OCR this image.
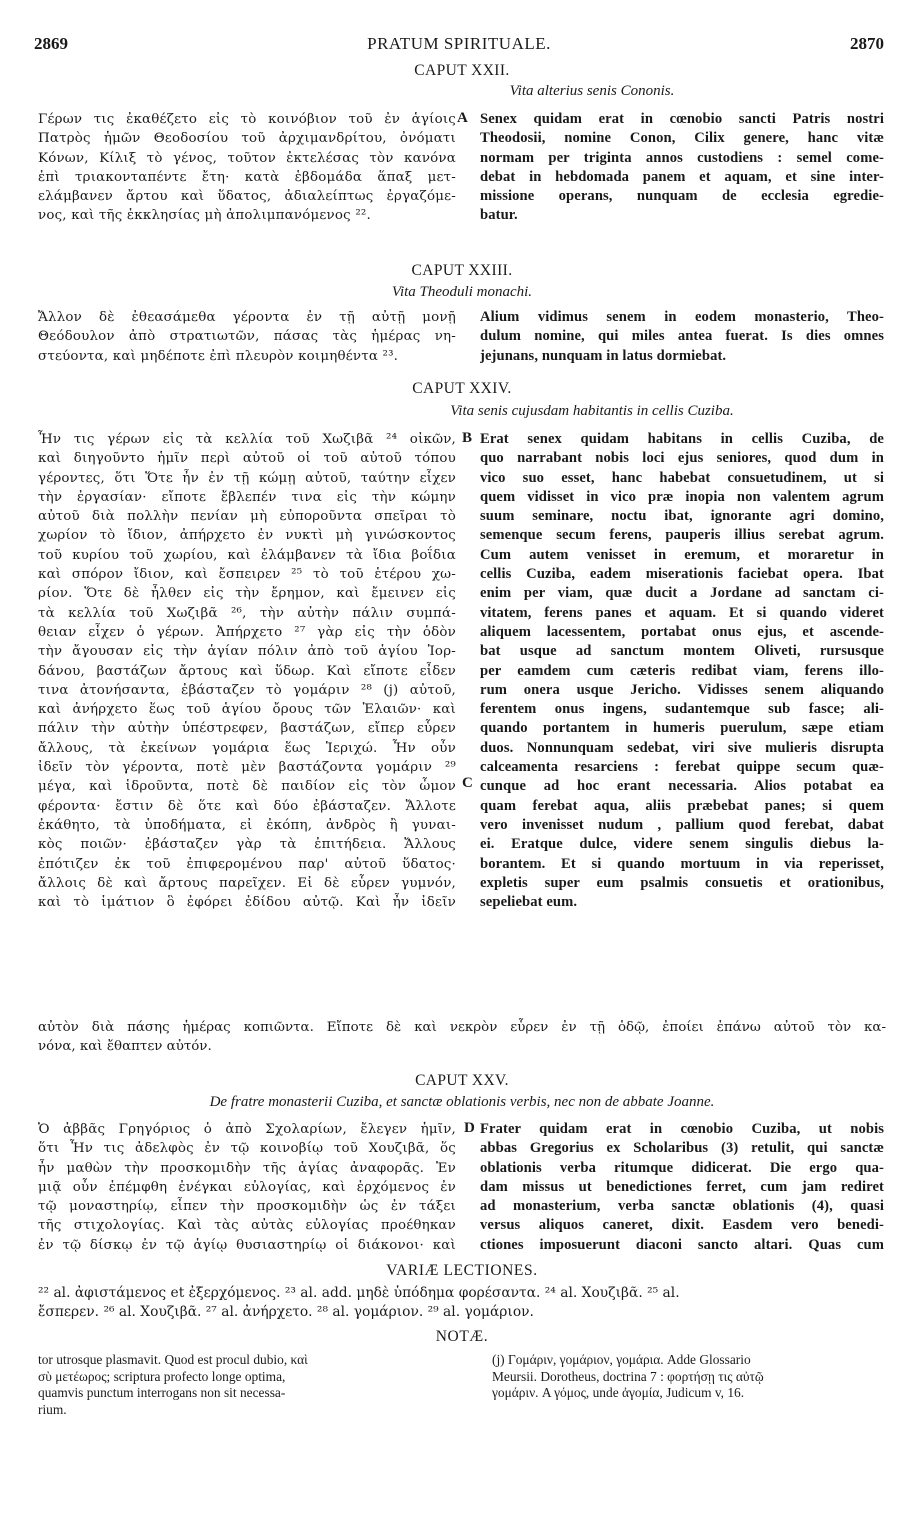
2869	PRATUM SPIRITUALE.	2870
CAPUT XXII.
Vita alterius senis Cononis.
Γέρων τις ἐκαθέζετο εἰς τὸ κοινόβιον τοῦ ἐν ἁγίοις
Πατρὸς ἡμῶν Θεοδοσίου τοῦ ἀρχιμανδρίτου, ὀνόματι
Κόνων, Κίλιξ τὸ γένος, τοῦτον ἐκτελέσας τὸν κανόνα
ἐπὶ τριακονταπέντε ἔτη· κατὰ ἑβδομάδα ἅπαξ μετ-
ελάμβανεν ἄρτου καὶ ὕδατος, ἀδιαλείπτως ἐργαζόμε-
νος, καὶ τῆς ἐκκλησίας μὴ ἀπολιμπανόμενος ²².
A Senex quidam erat in cœnobio sancti Patris nostri
Theodosii, nomine Conon, Cilix genere, hanc vitæ
normam per triginta annos custodiens : semel come-
debat in hebdomada panem et aquam, et sine inter-
missione operans, nunquam de ecclesia egredie-
batur.
CAPUT XXIII.
Vita Theoduli monachi.
Ἄλλον δὲ ἐθεασάμεθα γέροντα ἐν τῇ αὐτῇ μονῇ
Θεόδουλον ἀπὸ στρατιωτῶν, πάσας τὰς ἡμέρας νη-
στεύοντα, καὶ μηδέποτε ἐπὶ πλευρὸν κοιμηθέντα ²³.
Alium vidimus senem in eodem monasterio, Theo-
dulum nomine, qui miles antea fuerat. Is dies omnes
jejunans, nunquam in latus dormiebat.
CAPUT XXIV.
Vita senis cujusdam habitantis in cellis Cuziba.
Ἦν τις γέρων εἰς τὰ κελλία τοῦ Χωζιβᾶ ²⁴ οἰκῶν,
καὶ διηγοῦντο ἡμῖν περὶ αὐτοῦ οἱ τοῦ αὐτοῦ τόπου
γέροντες, ὅτι Ὅτε ἦν ἐν τῇ κώμῃ αὐτοῦ, ταύτην εἶχεν
τὴν ἐργασίαν· εἴποτε ἔβλεπέν τινα εἰς τὴν κώμην
αὐτοῦ διὰ πολλὴν πενίαν μὴ εὐποροῦντα σπεῖραι τὸ
χωρίον τὸ ἴδιον, ἀπήρχετο ἐν νυκτὶ μὴ γινώσκοντος
τοῦ κυρίου τοῦ χωρίου, καὶ ἐλάμβανεν τὰ ἴδια βοΐδια
καὶ σπόρον ἴδιον, καὶ ἔσπειρεν ²⁵ τὸ τοῦ ἑτέρου χω-
ρίον. Ὅτε δὲ ἦλθεν εἰς τὴν ἔρημον, καὶ ἔμεινεν εἰς
τὰ κελλία τοῦ Χωζιβᾶ ²⁶, τὴν αὐτὴν πάλιν συμπά-
θειαν εἶχεν ὁ γέρων. Ἀπήρχετο ²⁷ γὰρ εἰς τὴν ὁδὸν
τὴν ἄγουσαν εἰς τὴν ἁγίαν πόλιν ἀπὸ τοῦ ἁγίου Ἰορ-
δάνου, βαστάζων ἄρτους καὶ ὕδωρ. Καὶ εἴποτε εἶδεν
τινα ἀτονήσαντα, ἐβάσταζεν τὸ γομάριν ²⁸ (j) αὐτοῦ,
καὶ ἀνήρχετο ἕως τοῦ ἁγίου ὄρους τῶν Ἐλαιῶν· καὶ
πάλιν τὴν αὐτὴν ὑπέστρεφεν, βαστάζων, εἴπερ εὗρεν
ἄλλους, τὰ ἐκείνων γομάρια ἕως Ἱεριχώ. Ἦν οὖν
ἰδεῖν τὸν γέροντα, ποτὲ μὲν βαστάζοντα γομάριν ²⁹
μέγα, καὶ ἱδροῦντα, ποτὲ δὲ παιδίον εἰς τὸν ὦμον
φέροντα· ἔστιν δὲ ὅτε καὶ δύο ἐβάσταζεν. Ἄλλοτε
ἐκάθητο, τὰ ὑποδήματα, εἰ ἐκόπη, ἀνδρὸς ἢ γυναι-
κὸς ποιῶν· ἐβάσταζεν γὰρ τὰ ἐπιτήδεια. Ἄλλους
ἐπότιζεν ἐκ τοῦ ἐπιφερομένου παρ' αὐτοῦ ὕδατος·
ἄλλοις δὲ καὶ ἄρτους παρεῖχεν. Εἰ δὲ εὗρεν γυμνόν,
καὶ τὸ ἱμάτιον ὃ ἐφόρει ἐδίδου αὐτῷ. Καὶ ἦν ἰδεῖν
B
C
Erat senex quidam habitans in cellis Cuziba, de
quo narrabant nobis loci ejus seniores, quod dum in
vico suo esset, hanc habebat consuetudinem, ut si
quem vidisset in vico præ inopia non valentem agrum
suum seminare, noctu ibat, ignorante agri domino,
semenque secum ferens, pauperis illius serebat agrum.
Cum autem venisset in eremum, et moraretur in
cellis Cuziba, eadem miserationis faciebat opera. Ibat
enim per viam, quæ ducit a Jordane ad sanctam ci-
vitatem, ferens panes et aquam. Et si quando videret
aliquem lacessentem, portabat onus ejus, et ascende-
bat usque ad sanctum montem Oliveti, rursusque
per eamdem cum cæteris redibat viam, ferens illo-
rum onera usque Jericho. Vidisses senem aliquando
ferentem onus ingens, sudantemque sub fasce; ali-
quando portantem in humeris puerulum, sæpe etiam
duos. Nonnunquam sedebat, viri sive mulieris disrupta
calceamenta resarciens : ferebat quippe secum quæ-
cunque ad hoc erant necessaria. Alios potabat ea
quam ferebat aqua, aliis præbebat panes; si quem
vero invenisset nudum , pallium quod ferebat, dabat
ei. Eratque dulce, videre senem singulis diebus la-
borantem. Et si quando mortuum in via reperisset,
expletis super eum psalmis consuetis et orationibus,
sepeliebat eum.
αὐτὸν διὰ πάσης ἡμέρας κοπιῶντα. Εἴποτε δὲ καὶ νεκρὸν εὗρεν ἐν τῇ ὁδῷ, ἐποίει ἐπάνω αὐτοῦ τὸν κα-
νόνα, καὶ ἔθαπτεν αὐτόν.
CAPUT XXV.
De fratre monasterii Cuziba, et sanctæ oblationis verbis, nec non de abbate Joanne.
Ὁ ἀββᾶς Γρηγόριος ὁ ἀπὸ Σχολαρίων, ἔλεγεν ἡμῖν,
ὅτι Ἦν τις ἀδελφὸς ἐν τῷ κοινοβίῳ τοῦ Χουζιβᾶ, ὅς
ἦν μαθὼν τὴν προσκομιδὴν τῆς ἁγίας ἀναφορᾶς. Ἐν
μιᾷ οὖν ἐπέμφθη ἐνέγκαι εὐλογίας, καὶ ἐρχόμενος ἐν
τῷ μοναστηρίῳ, εἶπεν τὴν προσκομιδὴν ὡς ἐν τάξει
τῆς στιχολογίας. Καὶ τὰς αὐτὰς εὐλογίας προέθηκαν
ἐν τῷ δίσκῳ ἐν τῷ ἁγίῳ θυσιαστηρίῳ οἱ διάκονοι· καὶ
D Frater quidam erat in cœnobio Cuziba, ut nobis
abbas Gregorius ex Scholaribus (3) retulit, qui sanctæ
oblationis verba ritumque didicerat. Die ergo qua-
dam missus ut benedictiones ferret, cum jam rediret
ad monasterium, verba sanctæ oblationis (4), quasi
versus aliquos caneret, dixit. Easdem vero benedi-
ctiones imposuerunt diaconi sancto altari. Quas cum
VARIÆ LECTIONES.
²² al. ἀφιστάμενος et ἐξερχόμενος. ²³ al. add. μηδὲ ὑπόδημα φορέσαντα. ²⁴ al. Χουζιβᾶ. ²⁵ al.
ἔσπερεν. ²⁶ al. Χουζιβᾶ. ²⁷ al. ἀνήρχετο. ²⁸ al. γομάριον. ²⁹ al. γομάριον.
NOTÆ.
tor utrosque plasmavit. Quod est procul dubio, καὶ
σὺ μετέωρος; scriptura profecto longe optima,
quamvis punctum interrogans non sit necessa-
rium.
(j) Γομάριν, γομάριον, γομάρια. Adde Glossario
Meursii. Dorotheus, doctrina 7 : φορτήσῃ τις αὐτῷ
γομάριν. A γόμος, unde ἀγομία, Judicum v, 16.
